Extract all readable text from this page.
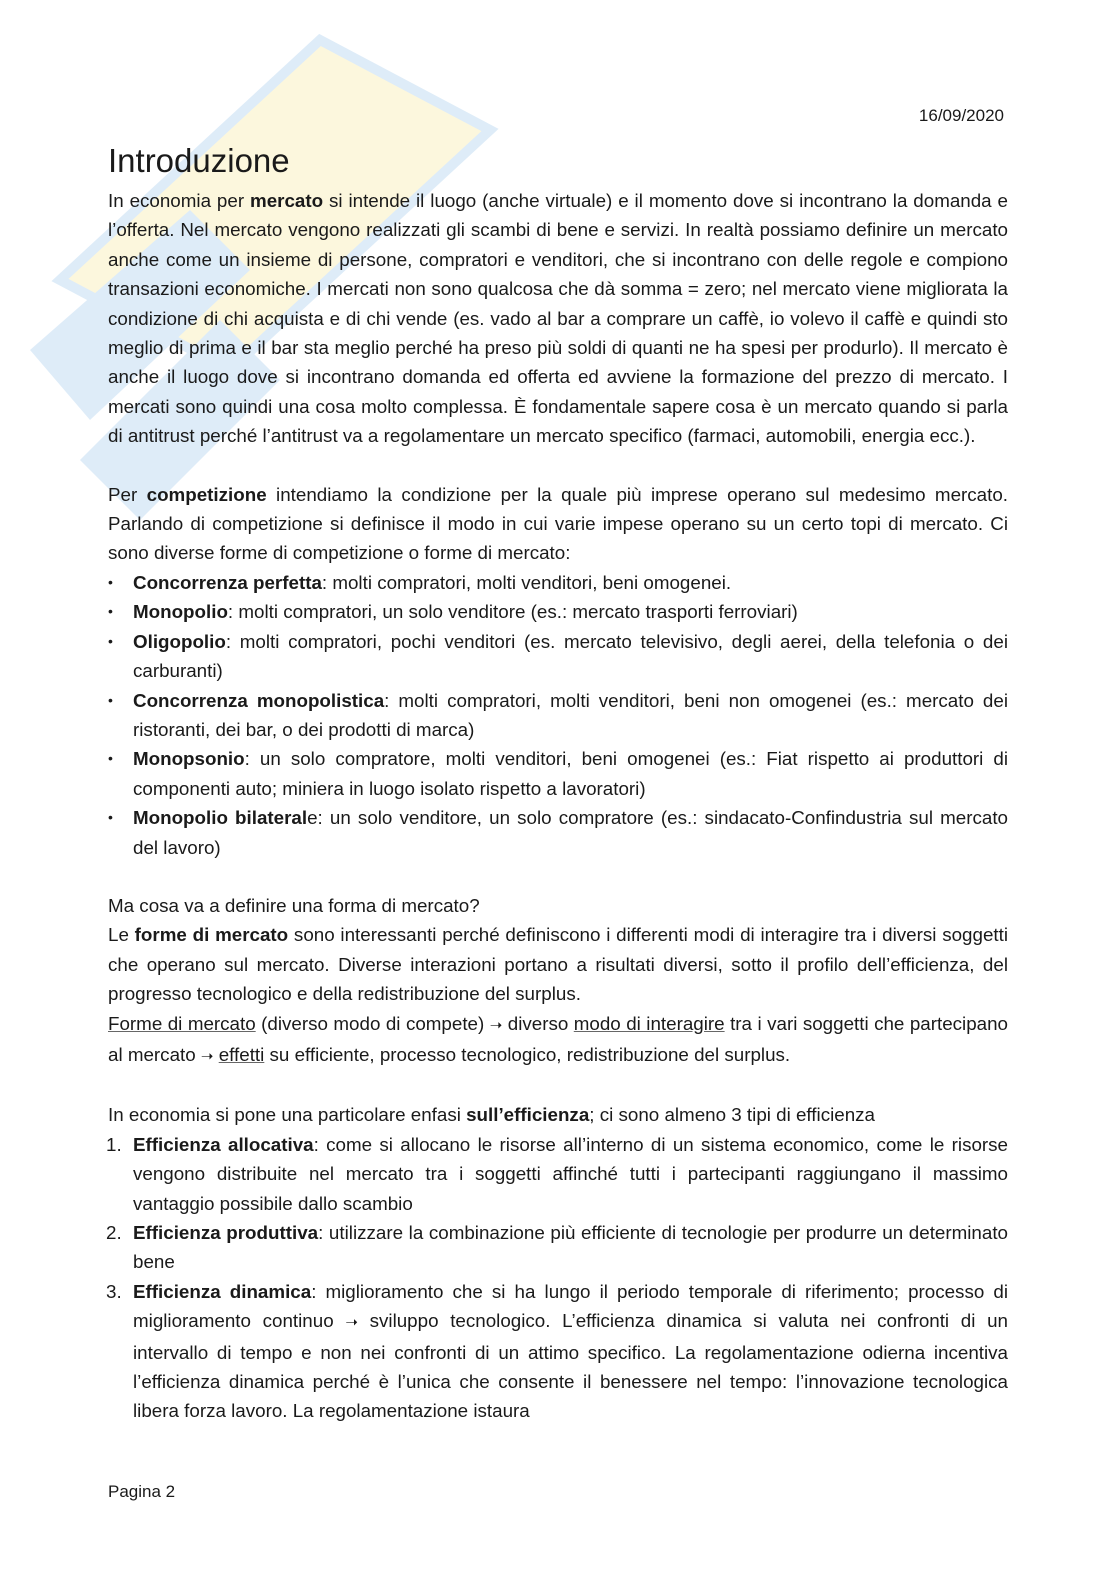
16/09/2020
Introduzione

In economia per mercato si intende il luogo (anche virtuale) e il momento dove si incontrano la domanda e l’offerta. Nel mercato vengono realizzati gli scambi di bene e servizi. In realtà possiamo definire un mercato anche come un insieme di persone, compratori e venditori, che si incontrano con delle regole e compiono transazioni economiche. I mercati non sono qualcosa che dà somma = zero; nel mercato viene migliorata la condizione di chi acquista e di chi vende (es. vado al bar a comprare un caffè, io volevo il caffè e quindi sto meglio di prima e il bar sta meglio perché ha preso più soldi di quanti ne ha spesi per produrlo). Il mercato è anche il luogo dove si incontrano domanda ed offerta ed avviene la formazione del prezzo di mercato. I mercati sono quindi una cosa molto complessa. È fondamentale sapere cosa è un mercato quando si parla di antitrust perché l’antitrust va a regolamentare un mercato specifico (farmaci, automobili, energia ecc.).

Per competizione intendiamo la condizione per la quale più imprese operano sul medesimo mercato. Parlando di competizione si definisce il modo in cui varie impese operano su un certo topi di mercato. Ci sono diverse forme di competizione o forme di mercato:

• Concorrenza perfetta: molti compratori, molti venditori, beni omogenei.
• Monopolio: molti compratori, un solo venditore (es.: mercato trasporti ferroviari)
• Oligopolio: molti compratori, pochi venditori (es. mercato televisivo, degli aerei, della telefonia o dei carburanti)
• Concorrenza monopolistica: molti compratori, molti venditori, beni non omogenei (es.: mercato dei ristoranti, dei bar, o dei prodotti di marca)
• Monopsonio: un solo compratore, molti venditori, beni omogenei (es.: Fiat rispetto ai produttori di componenti auto; miniera in luogo isolato rispetto a lavoratori)
• Monopolio bilaterale: un solo venditore, un solo compratore (es.: sindacato-Confindustria sul mercato del lavoro)

Ma cosa va a definire una forma di mercato?

Le forme di mercato sono interessanti perché definiscono i differenti modi di interagire tra i diversi soggetti che operano sul mercato. Diverse interazioni portano a risultati diversi, sotto il profilo dell’efficienza, del progresso tecnologico e della redistribuzione del surplus.

Forme di mercato (diverso modo di compete) ➝ diverso modo di interagire tra i vari soggetti che partecipano al mercato ➝ effetti su efficiente, processo tecnologico, redistribuzione del surplus.

In economia si pone una particolare enfasi sull’efficienza; ci sono almeno 3 tipi di efficienza

1. Efficienza allocativa: come si allocano le risorse all’interno di un sistema economico, come le risorse vengono distribuite nel mercato tra i soggetti affinché tutti i partecipanti raggiungano il massimo vantaggio possibile dallo scambio
2. Efficienza produttiva: utilizzare la combinazione più efficiente di tecnologie per produrre un determinato bene
3. Efficienza dinamica: miglioramento che si ha lungo il periodo temporale di riferimento; processo di miglioramento continuo ➝ sviluppo tecnologico. L’efficienza dinamica si valuta nei confronti di un intervallo di tempo e non nei confronti di un attimo specifico. La regolamentazione odierna incentiva l’efficienza dinamica perché è l’unica che consente il benessere nel tempo: l’innovazione tecnologica libera forza lavoro. La regolamentazione istaura
Pagina 2
